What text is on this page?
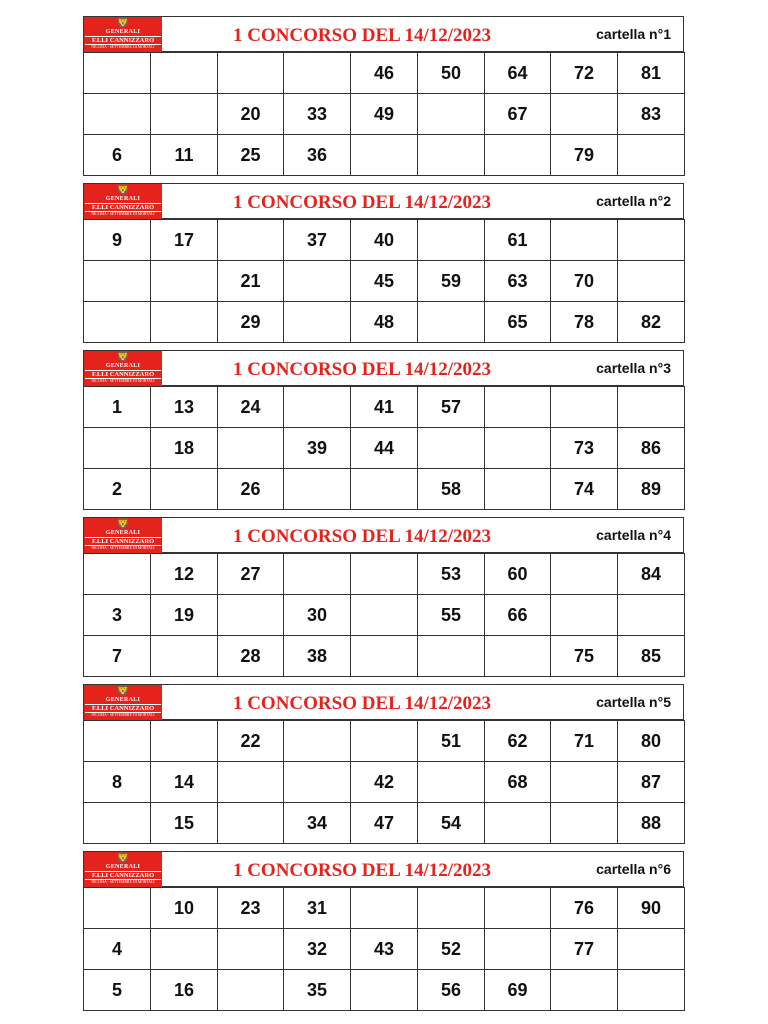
🦁
GENERALI
F.LLI CANNIZZARO
NICOSIA - SETTEMBRE DI MORTALI
1 CONCORSO DEL 14/12/2023	cartella n°1
				46	50	64	72	81
		20	33	49		67		83
6	11	25	36				79	
🦁
GENERALI
F.LLI CANNIZZARO
NICOSIA - SETTEMBRE DI MORTALI
1 CONCORSO DEL 14/12/2023	cartella n°2
9	17		37	40		61		
		21		45	59	63	70	
		29		48		65	78	82
🦁
GENERALI
F.LLI CANNIZZARO
NICOSIA - SETTEMBRE DI MORTALI
1 CONCORSO DEL 14/12/2023	cartella n°3
1	13	24		41	57			
	18		39	44			73	86
2		26			58		74	89
🦁
GENERALI
F.LLI CANNIZZARO
NICOSIA - SETTEMBRE DI MORTALI
1 CONCORSO DEL 14/12/2023	cartella n°4
	12	27			53	60		84
3	19		30		55	66		
7		28	38				75	85
🦁
GENERALI
F.LLI CANNIZZARO
NICOSIA - SETTEMBRE DI MORTALI
1 CONCORSO DEL 14/12/2023	cartella n°5
		22			51	62	71	80
8	14			42		68		87
	15		34	47	54			88
🦁
GENERALI
F.LLI CANNIZZARO
NICOSIA - SETTEMBRE DI MORTALI
1 CONCORSO DEL 14/12/2023	cartella n°6
	10	23	31				76	90
4			32	43	52		77	
5	16		35		56	69		
